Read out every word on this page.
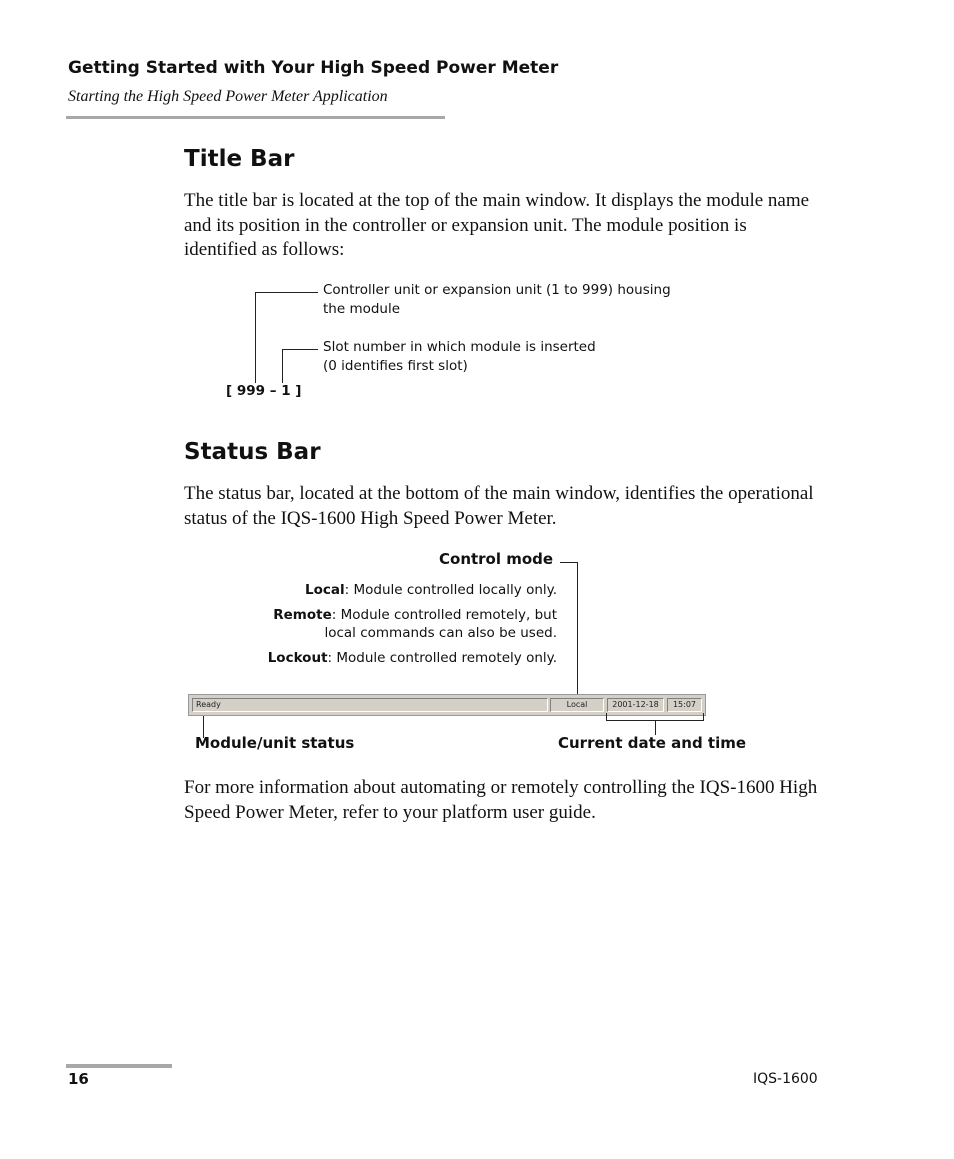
Getting Started with Your High Speed Power Meter
Starting the High Speed Power Meter Application
Title Bar
The title bar is located at the top of the main window. It displays the module name and its position in the controller or expansion unit. The module position is identified as follows:
Controller unit or expansion unit (1 to 999) housing
the module
Slot number in which module is inserted
(0 identifies first slot)
[ 999 – 1 ]
Status Bar
The status bar, located at the bottom of the main window, identifies the operational status of the IQS-1600 High Speed Power Meter.
Control mode
Local: Module controlled locally only.
Remote: Module controlled remotely, but
local commands can also be used.
Lockout: Module controlled remotely only.
Ready	Local	2001-12-18	15:07
Module/unit status	Current date and time
For more information about automating or remotely controlling the IQS-1600 High Speed Power Meter, refer to your platform user guide.
16	IQS-1600
